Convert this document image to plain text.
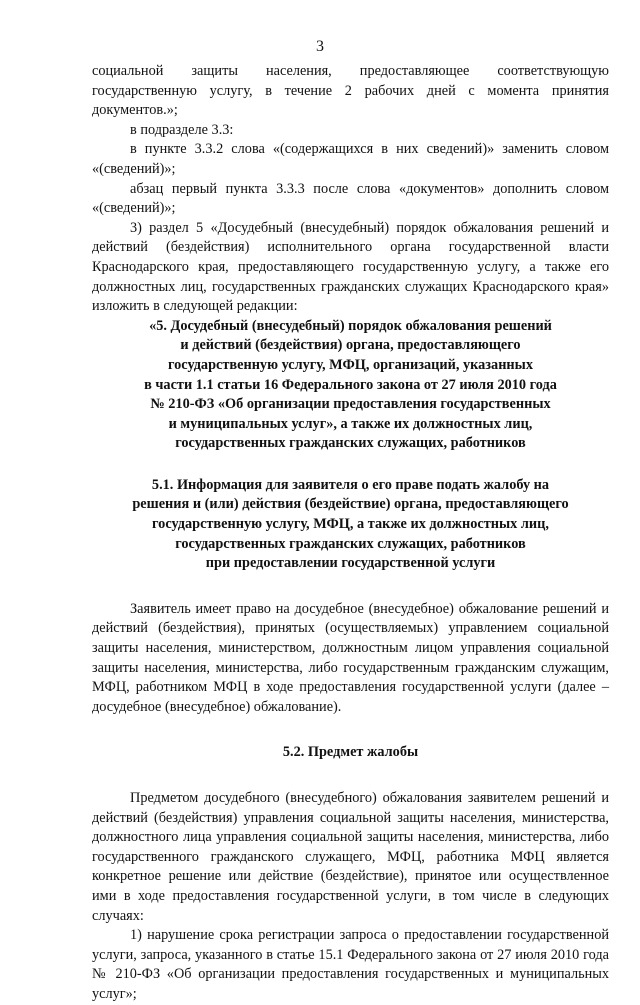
3

социальной защиты населения, предоставляющее соответствующую государственную услугу, в течение 2 рабочих дней с момента принятия документов.»;

в подразделе 3.3:

в пункте 3.3.2 слова «(содержащихся в них сведений)» заменить словом «(сведений)»;

абзац первый пункта 3.3.3 после слова «документов» дополнить словом «(сведений)»;

3) раздел 5 «Досудебный (внесудебный) порядок обжалования решений и действий (бездействия) исполнительного органа государственной власти Краснодарского края, предоставляющего государственную услугу, а также его должностных лиц, государственных гражданских служащих Краснодарского края» изложить в следующей редакции:

«5. Досудебный (внесудебный) порядок обжалования решений
и действий (бездействия) органа, предоставляющего
государственную услугу, МФЦ, организаций, указанных
в части 1.1 статьи 16 Федерального закона от 27 июля 2010 года
№ 210-ФЗ «Об организации предоставления государственных
и муниципальных услуг», а также их должностных лиц,
государственных гражданских служащих, работников
5.1. Информация для заявителя о его праве подать жалобу на
решения и (или) действия (бездействие) органа, предоставляющего
государственную услугу, МФЦ, а также их должностных лиц,
государственных гражданских служащих, работников
при предоставлении государственной услуги

Заявитель имеет право на досудебное (внесудебное) обжалование решений и действий (бездействия), принятых (осуществляемых) управлением социальной защиты населения, министерством, должностным лицом управления социальной защиты населения, министерства, либо государственным гражданским служащим, МФЦ, работником МФЦ в ходе предоставления государственной услуги (далее – досудебное (внесудебное) обжалование).

5.2. Предмет жалобы

Предметом досудебного (внесудебного) обжалования заявителем решений и действий (бездействия) управления социальной защиты населения, министерства, должностного лица управления социальной защиты населения, министерства, либо государственного гражданского служащего, МФЦ, работника МФЦ является конкретное решение или действие (бездействие), принятое или осуществленное ими в ходе предоставления государственной услуги, в том числе в следующих случаях:

1) нарушение срока регистрации запроса о предоставлении государственной услуги, запроса, указанного в статье 15.1 Федерального закона от 27 июля 2010 года № 210-ФЗ «Об организации предоставления государственных и муниципальных услуг»;
